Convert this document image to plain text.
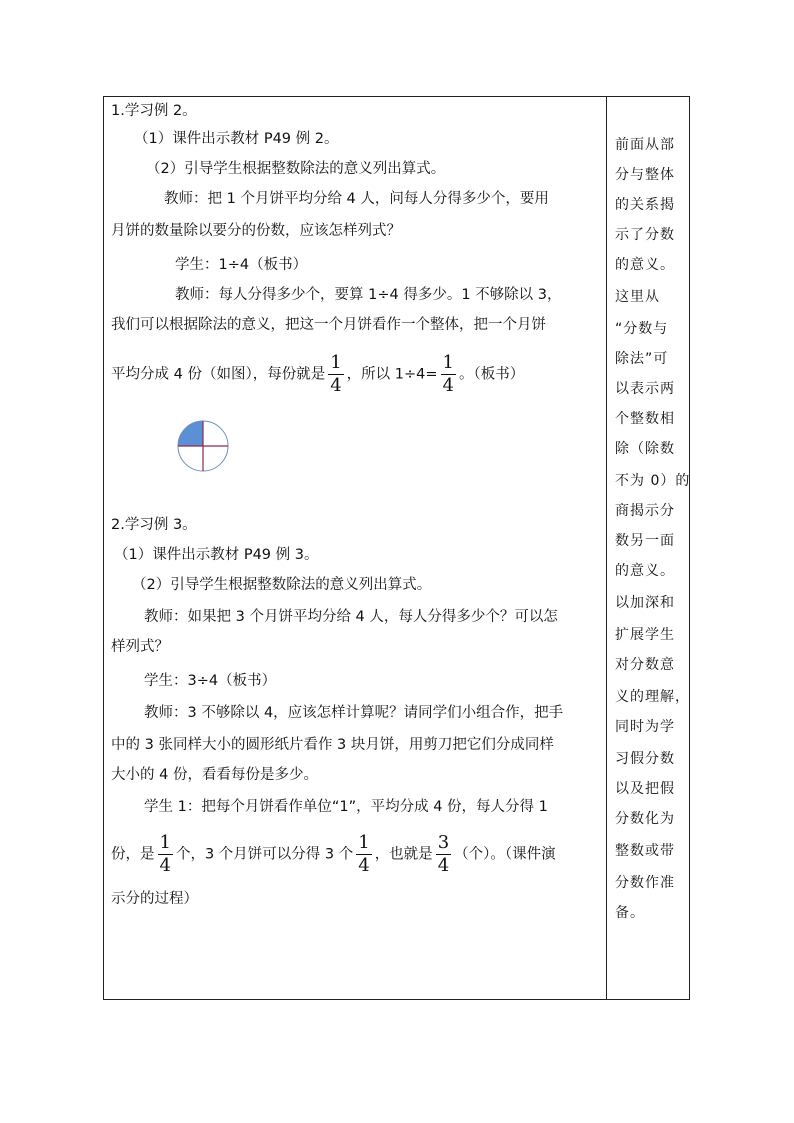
1.学习例 2。
（1）课件出示教材 P49 例 2。
（2）引导学生根据整数除法的意义列出算式。
教师：把 1 个月饼平均分给 4 人，问每人分得多少个，要用
月饼的数量除以要分的份数，应该怎样列式？
学生：1÷4（板书）
教师：每人分得多少个，要算 1÷4 得多少。1 不够除以 3，
我们可以根据除法的意义，把这一个月饼看作一个整体，把一个月饼
平均分成 4 份（如图），每份就是 $\frac{1}{4}$ ，所以 $1\div 4= \frac{1}{4}$ 。（板书）
2.学习例 3。
（1）课件出示教材 P49 例 3。
（2）引导学生根据整数除法的意义列出算式。
教师：如果把 3 个月饼平均分给 4 人，每人分得多少个？可以怎
样列式？
学生：3÷4（板书）
教师：3 不够除以 4，应该怎样计算呢？请同学们小组合作，把手
中的 3 张同样大小的圆形纸片看作 3 块月饼，用剪刀把它们分成同样
大小的 4 份，看看每份是多少。
学生 1：把每个月饼看作单位“1”，平均分成 4 份，每人分得 1
份，是 $\frac{1}{4}$ 个，3 个月饼可以分得 3 个 $\frac{1}{4}$ ，也就是 $\frac{3}{4}$ （个）。（课件演
示分的过程）
前面从部
分与整体
的关系揭
示了分数
的意义。
这里从
“分数与
除法”可
以表示两
个整数相
除（除数
不为 0）的
商揭示分
数另一面
的意义。
以加深和
扩展学生
对分数意
义的理解，
同时为学
习假分数
以及把假
分数化为
整数或带
分数作准
备。
